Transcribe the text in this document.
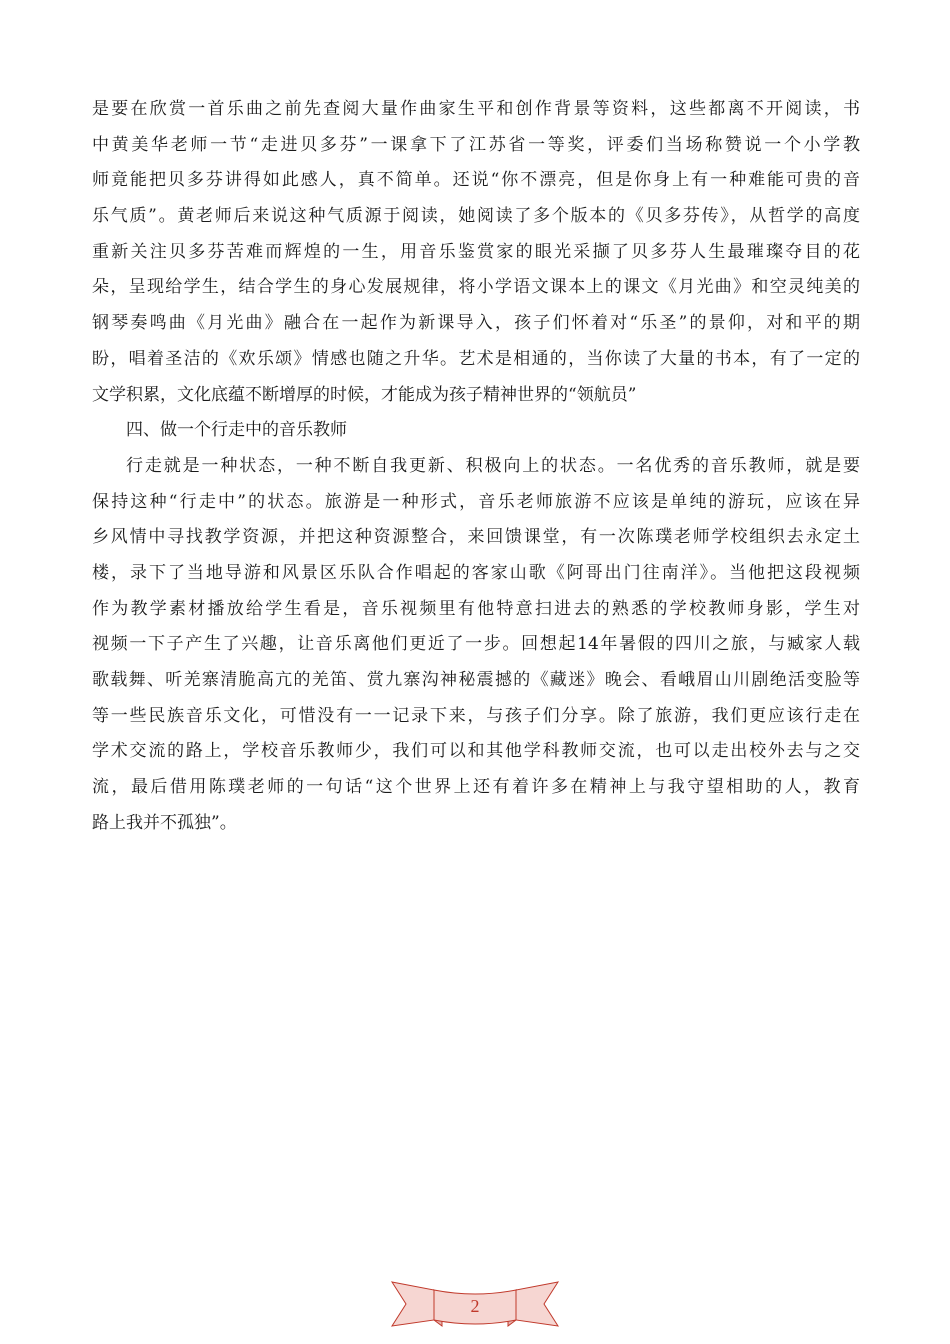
是要在欣赏一首乐曲之前先查阅大量作曲家生平和创作背景等资料，这些都离不开阅读，书
中黄美华老师一节“走进贝多芬”一课拿下了江苏省一等奖，评委们当场称赞说一个小学教
师竟能把贝多芬讲得如此感人，真不简单。还说“你不漂亮，但是你身上有一种难能可贵的音
乐气质”。黄老师后来说这种气质源于阅读，她阅读了多个版本的《贝多芬传》，从哲学的高度
重新关注贝多芬苦难而辉煌的一生，用音乐鉴赏家的眼光采撷了贝多芬人生最璀璨夺目的花
朵，呈现给学生，结合学生的身心发展规律，将小学语文课本上的课文《月光曲》和空灵纯美的
钢琴奏鸣曲《月光曲》融合在一起作为新课导入，孩子们怀着对“乐圣”的景仰，对和平的期
盼，唱着圣洁的《欢乐颂》情感也随之升华。艺术是相通的，当你读了大量的书本，有了一定的
文学积累，文化底蕴不断增厚的时候，才能成为孩子精神世界的“领航员”
四、做一个行走中的音乐教师
行走就是一种状态，一种不断自我更新、积极向上的状态。一名优秀的音乐教师，就是要
保持这种“行走中”的状态。旅游是一种形式，音乐老师旅游不应该是单纯的游玩，应该在异
乡风情中寻找教学资源，并把这种资源整合，来回馈课堂，有一次陈璞老师学校组织去永定土
楼，录下了当地导游和风景区乐队合作唱起的客家山歌《阿哥出门往南洋》。当他把这段视频
作为教学素材播放给学生看是，音乐视频里有他特意扫进去的熟悉的学校教师身影，学生对
视频一下子产生了兴趣，让音乐离他们更近了一步。回想起14年暑假的四川之旅，与臧家人载
歌载舞、听羌寨清脆高亢的羌笛、赏九寨沟神秘震撼的《藏迷》晚会、看峨眉山川剧绝活变脸等
等一些民族音乐文化，可惜没有一一记录下来，与孩子们分享。除了旅游，我们更应该行走在
学术交流的路上，学校音乐教师少，我们可以和其他学科教师交流，也可以走出校外去与之交
流，最后借用陈璞老师的一句话“这个世界上还有着许多在精神上与我守望相助的人，教育
路上我并不孤独”。
2
